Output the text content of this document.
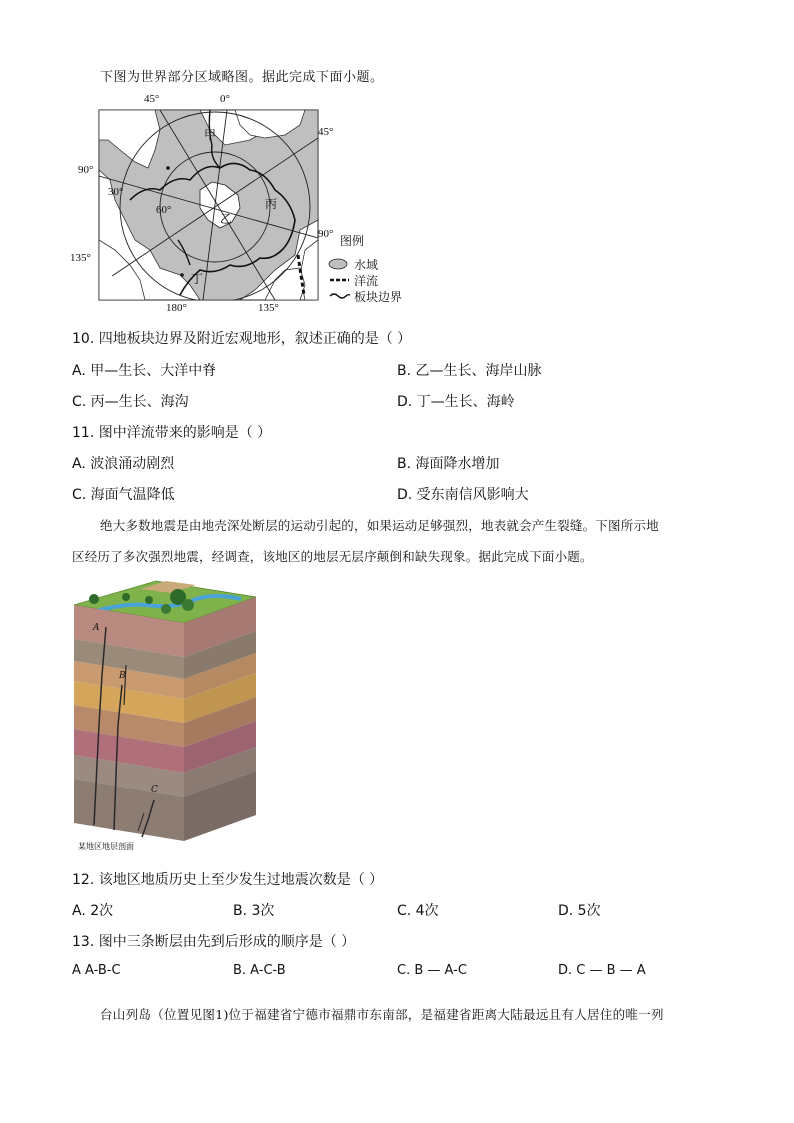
下图为世界部分区域略图。据此完成下面小题。
45°	0°
45°
90°
30°
60°
135°
180°	135°
90°
甲
乙
丙
丁
图例
水域
洋流
板块边界
10. 四地板块边界及附近宏观地形，叙述正确的是（ ）
A. 甲—生长、大洋中脊	B. 乙—生长、海岸山脉
C. 丙—生长、海沟	D. 丁—生长、海岭
11. 图中洋流带来的影响是（ ）
A. 波浪涌动剧烈	B. 海面降水增加
C. 海面气温降低	D. 受东南信风影响大
绝大多数地震是由地壳深处断层的运动引起的，如果运动足够强烈，地表就会产生裂缝。下图所示地
区经历了多次强烈地震，经调查，该地区的地层无层序颠倒和缺失现象。据此完成下面小题。
A
B
C
某地区地层剖面
12. 该地区地质历史上至少发生过地震次数是（ ）
A. 2次	B. 3次	C. 4次	D. 5次
13. 图中三条断层由先到后形成的顺序是（ ）
A A-B-C	B. A-C-B	C. B — A-C	D. C — B — A
台山列岛（位置见图1)位于福建省宁德市福鼎市东南部，是福建省距离大陆最远且有人居住的唯一列
